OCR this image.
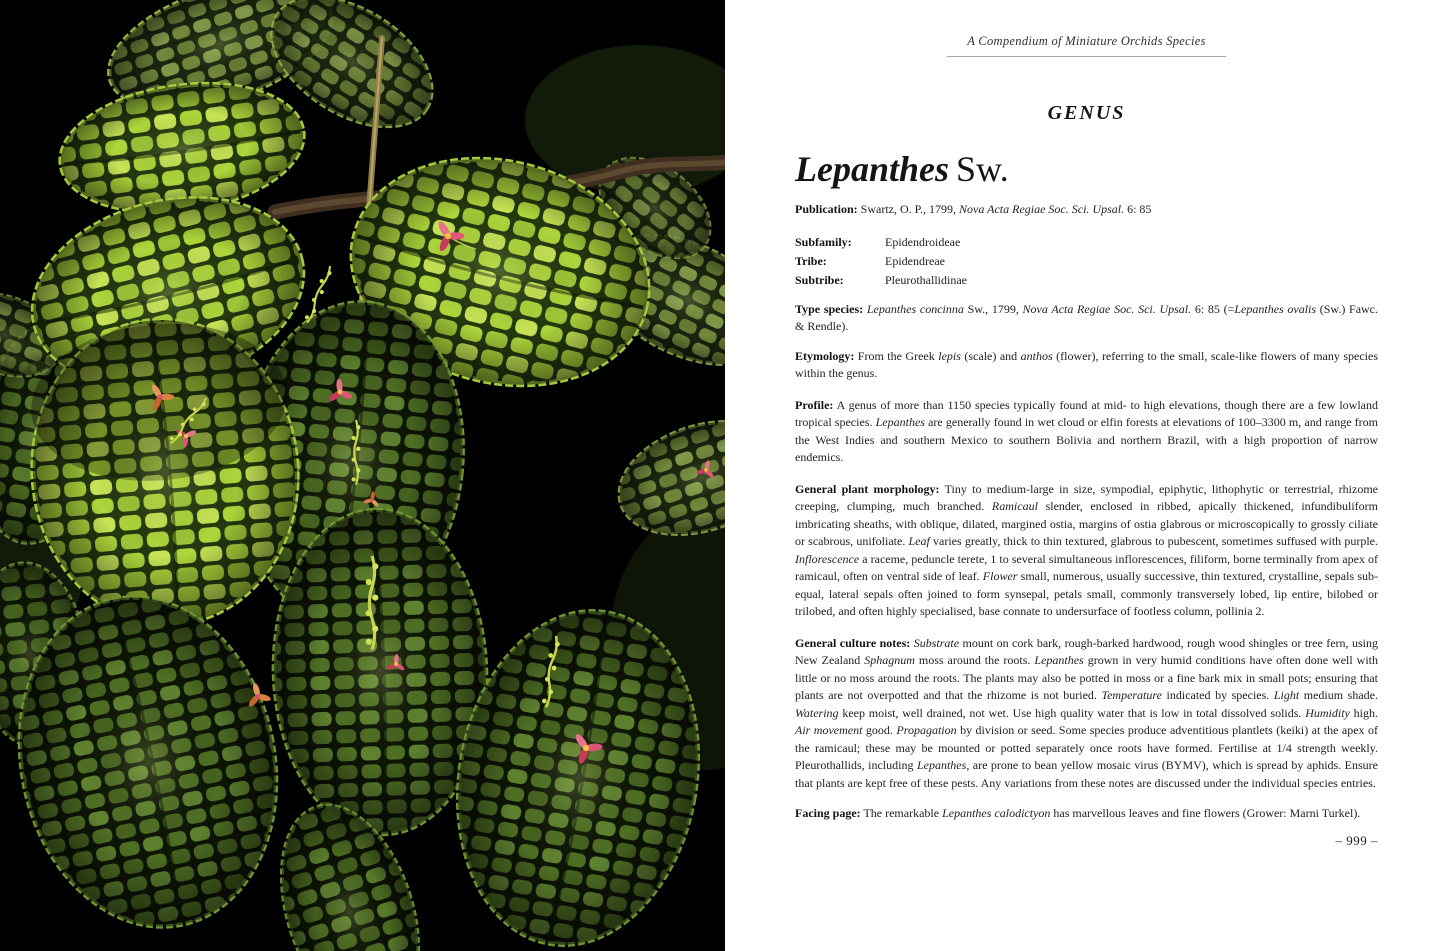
A Compendium of Miniature Orchids Species
GENUS
Lepanthes Sw.

Publication: Swartz, O. P., 1799, Nova Acta Regiae Soc. Sci. Upsal. 6: 85

Subfamily:	Epidendroideae
Tribe:	Epidendreae
Subtribe:	Pleurothallidinae

Type species: Lepanthes concinna Sw., 1799, Nova Acta Regiae Soc. Sci. Upsal. 6: 85 (=Lepanthes ovalis (Sw.) Fawc. & Rendle).

Etymology: From the Greek lepis (scale) and anthos (flower), referring to the small, scale-like flowers of many species within the genus.

Profile: A genus of more than 1150 species typically found at mid- to high elevations, though there are a few lowland tropical species. Lepanthes are generally found in wet cloud or elfin forests at elevations of 100–3300 m, and range from the West Indies and southern Mexico to southern Bolivia and northern Brazil, with a high proportion of narrow endemics.

General plant morphology: Tiny to medium-large in size, sympodial, epiphytic, lithophytic or terrestrial, rhizome creeping, clumping, much branched. Ramicaul slender, enclosed in ribbed, apically thickened, infundibuliform imbricating sheaths, with oblique, dilated, margined ostia, margins of ostia glabrous or microscopically to grossly ciliate or scabrous, unifoliate. Leaf varies greatly, thick to thin textured, glabrous to pubescent, sometimes suffused with purple. Inflorescence a raceme, peduncle terete, 1 to several simultaneous inflorescences, filiform, borne terminally from apex of ramicaul, often on ventral side of leaf. Flower small, numerous, usually successive, thin textured, crystalline, sepals sub-equal, lateral sepals often joined to form synsepal, petals small, commonly transversely lobed, lip entire, bilobed or trilobed, and often highly specialised, base connate to undersurface of footless column, pollinia 2.

General culture notes: Substrate mount on cork bark, rough-barked hardwood, rough wood shingles or tree fern, using New Zealand Sphagnum moss around the roots. Lepanthes grown in very humid conditions have often done well with little or no moss around the roots. The plants may also be potted in moss or a fine bark mix in small pots; ensuring that plants are not overpotted and that the rhizome is not buried. Temperature indicated by species. Light medium shade. Watering keep moist, well drained, not wet. Use high quality water that is low in total dissolved solids. Humidity high. Air movement good. Propagation by division or seed. Some species produce adventitious plantlets (keiki) at the apex of the ramicaul; these may be mounted or potted separately once roots have formed. Fertilise at 1/4 strength weekly. Pleurothallids, including Lepanthes, are prone to bean yellow mosaic virus (BYMV), which is spread by aphids. Ensure that plants are kept free of these pests. Any variations from these notes are discussed under the individual species entries.

Facing page: The remarkable Lepanthes calodictyon has marvellous leaves and fine flowers (Grower: Marni Turkel).

– 999 –
